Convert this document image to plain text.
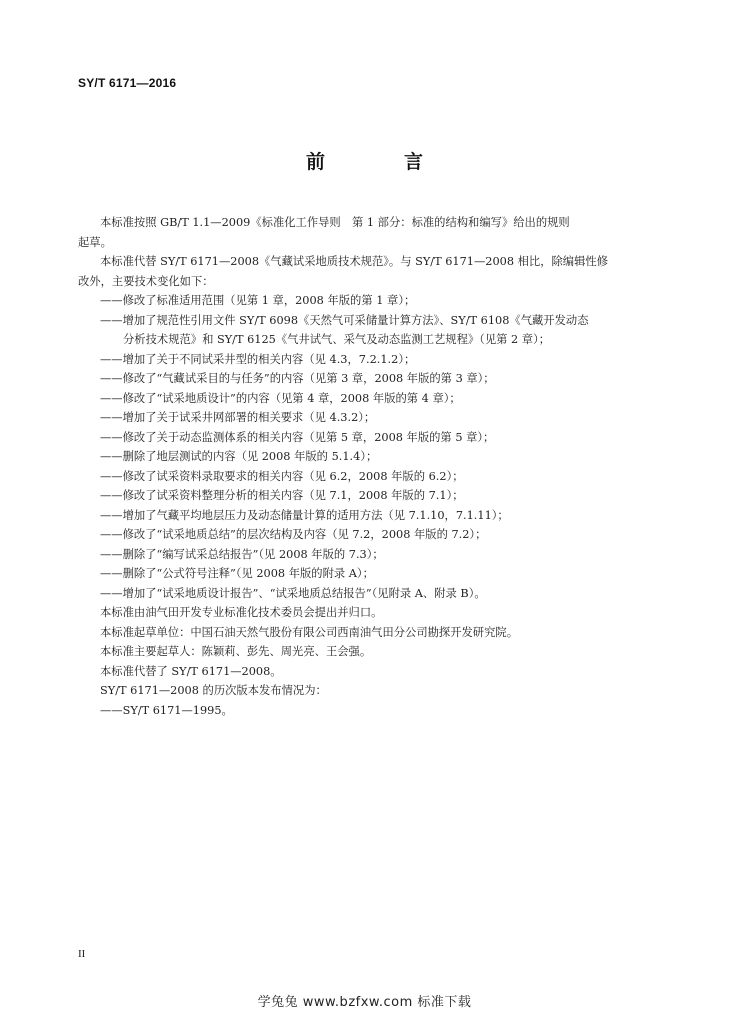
SY/T 6171—2016
前　言
本标准按照 GB/T 1.1—2009《标准化工作导则　第 1 部分：标准的结构和编写》给出的规则
起草。
本标准代替 SY/T 6171—2008《气藏试采地质技术规范》。与 SY/T 6171—2008 相比，除编辑性修
改外，主要技术变化如下：
——修改了标准适用范围（见第 1 章，2008 年版的第 1 章）；
——增加了规范性引用文件 SY/T 6098《天然气可采储量计算方法》、SY/T 6108《气藏开发动态
分析技术规范》和 SY/T 6125《气井试气、采气及动态监测工艺规程》（见第 2 章）；
——增加了关于不同试采井型的相关内容（见 4.3，7.2.1.2）；
——修改了“气藏试采目的与任务”的内容（见第 3 章，2008 年版的第 3 章）；
——修改了“试采地质设计”的内容（见第 4 章，2008 年版的第 4 章）；
——增加了关于试采井网部署的相关要求（见 4.3.2）；
——修改了关于动态监测体系的相关内容（见第 5 章，2008 年版的第 5 章）；
——删除了地层测试的内容（见 2008 年版的 5.1.4）；
——修改了试采资料录取要求的相关内容（见 6.2，2008 年版的 6.2）；
——修改了试采资料整理分析的相关内容（见 7.1，2008 年版的 7.1）；
——增加了气藏平均地层压力及动态储量计算的适用方法（见 7.1.10，7.1.11）；
——修改了“试采地质总结”的层次结构及内容（见 7.2，2008 年版的 7.2）；
——删除了“编写试采总结报告”（见 2008 年版的 7.3）；
——删除了“公式符号注释”（见 2008 年版的附录 A）；
——增加了“试采地质设计报告”、“试采地质总结报告”（见附录 A、附录 B）。
本标准由油气田开发专业标准化技术委员会提出并归口。
本标准起草单位：中国石油天然气股份有限公司西南油气田分公司勘探开发研究院。
本标准主要起草人：陈颖莉、彭先、周光亮、王会强。
本标准代替了 SY/T 6171—2008。
SY/T 6171—2008 的历次版本发布情况为：
——SY/T 6171—1995。
II
学兔兔 www.bzfxw.com 标准下载
